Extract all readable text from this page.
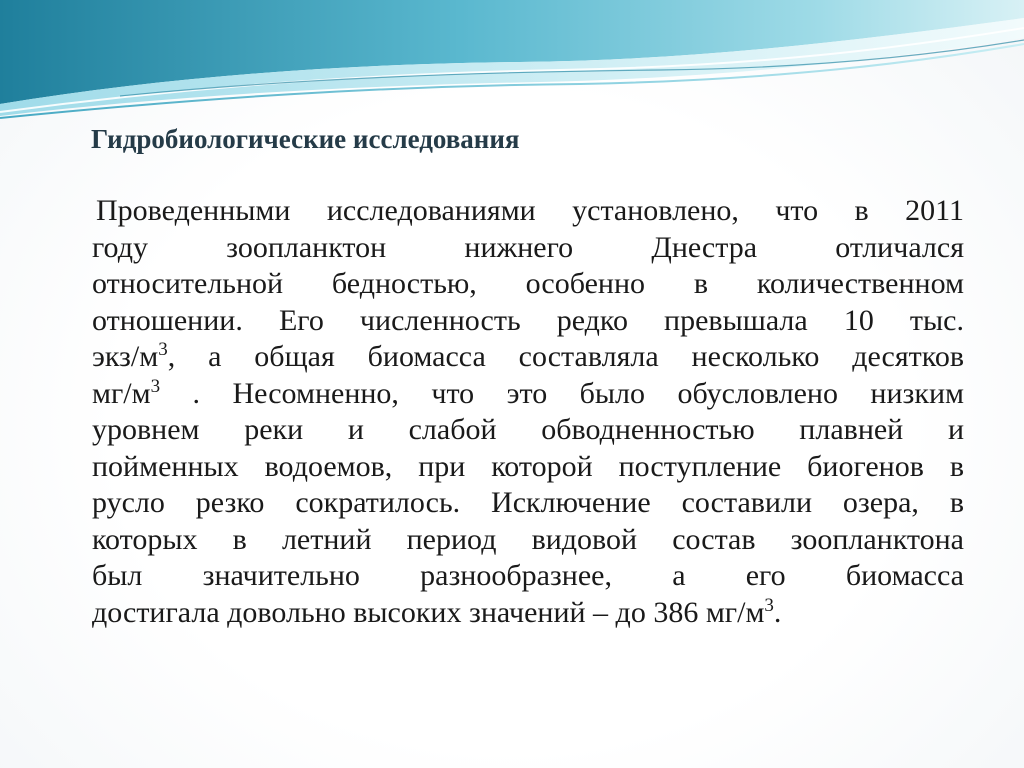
Гидробиологические исследования

Проведенными исследованиями установлено, что в 2011
году зоопланктон нижнего Днестра отличался
относительной бедностью, особенно в количественном
отношении. Его численность редко превышала 10 тыс.
экз/$м^3$, а общая биомасса составляла несколько десятков
$мг/м^3$ . Несомненно, что это было обусловлено низким
уровнем реки и слабой обводненностью плавней и
пойменных водоемов, при которой поступление биогенов в
русло резко сократилось. Исключение составили озера, в
которых в летний период видовой состав зоопланктона
был значительно разнообразнее, а его биомасса
достигала довольно высоких значений – до 386 $мг/м^3$.
